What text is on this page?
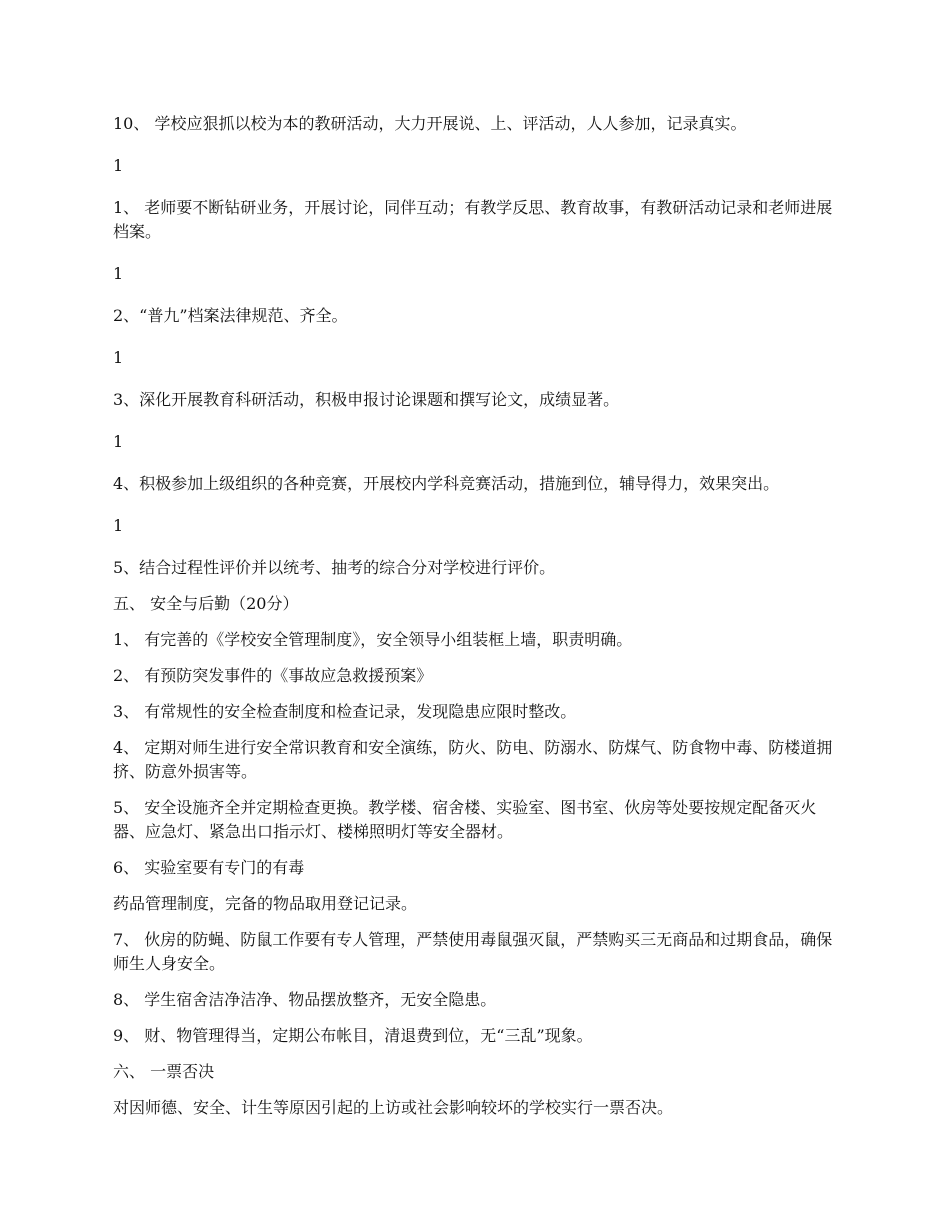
10、 学校应狠抓以校为本的教研活动，大力开展说、上、评活动，人人参加，记录真实。

1

1、 老师要不断钻研业务，开展讨论，同伴互动；有教学反思、教育故事，有教研活动记录和老师进展档案。

1

2、“普九”档案法律规范、齐全。

1

3、深化开展教育科研活动，积极申报讨论课题和撰写论文，成绩显著。

1

4、积极参加上级组织的各种竞赛，开展校内学科竞赛活动，措施到位，辅导得力，效果突出。

1

5、结合过程性评价并以统考、抽考的综合分对学校进行评价。

五、 安全与后勤（20分）

1、 有完善的《学校安全管理制度》，安全领导小组装框上墙，职责明确。

2、 有预防突发事件的《事故应急救援预案》

3、 有常规性的安全检查制度和检查记录，发现隐患应限时整改。

4、 定期对师生进行安全常识教育和安全演练，防火、防电、防溺水、防煤气、防食物中毒、防楼道拥挤、防意外损害等。

5、 安全设施齐全并定期检查更换。教学楼、宿舍楼、实验室、图书室、伙房等处要按规定配备灭火器、应急灯、紧急出口指示灯、楼梯照明灯等安全器材。

6、 实验室要有专门的有毒

药品管理制度，完备的物品取用登记记录。

7、 伙房的防蝇、防鼠工作要有专人管理，严禁使用毒鼠强灭鼠，严禁购买三无商品和过期食品，确保师生人身安全。

8、 学生宿舍洁净洁净、物品摆放整齐，无安全隐患。

9、 财、物管理得当，定期公布帐目，清退费到位，无“三乱”现象。

六、 一票否决

对因师德、安全、计生等原因引起的上访或社会影响较坏的学校实行一票否决。
